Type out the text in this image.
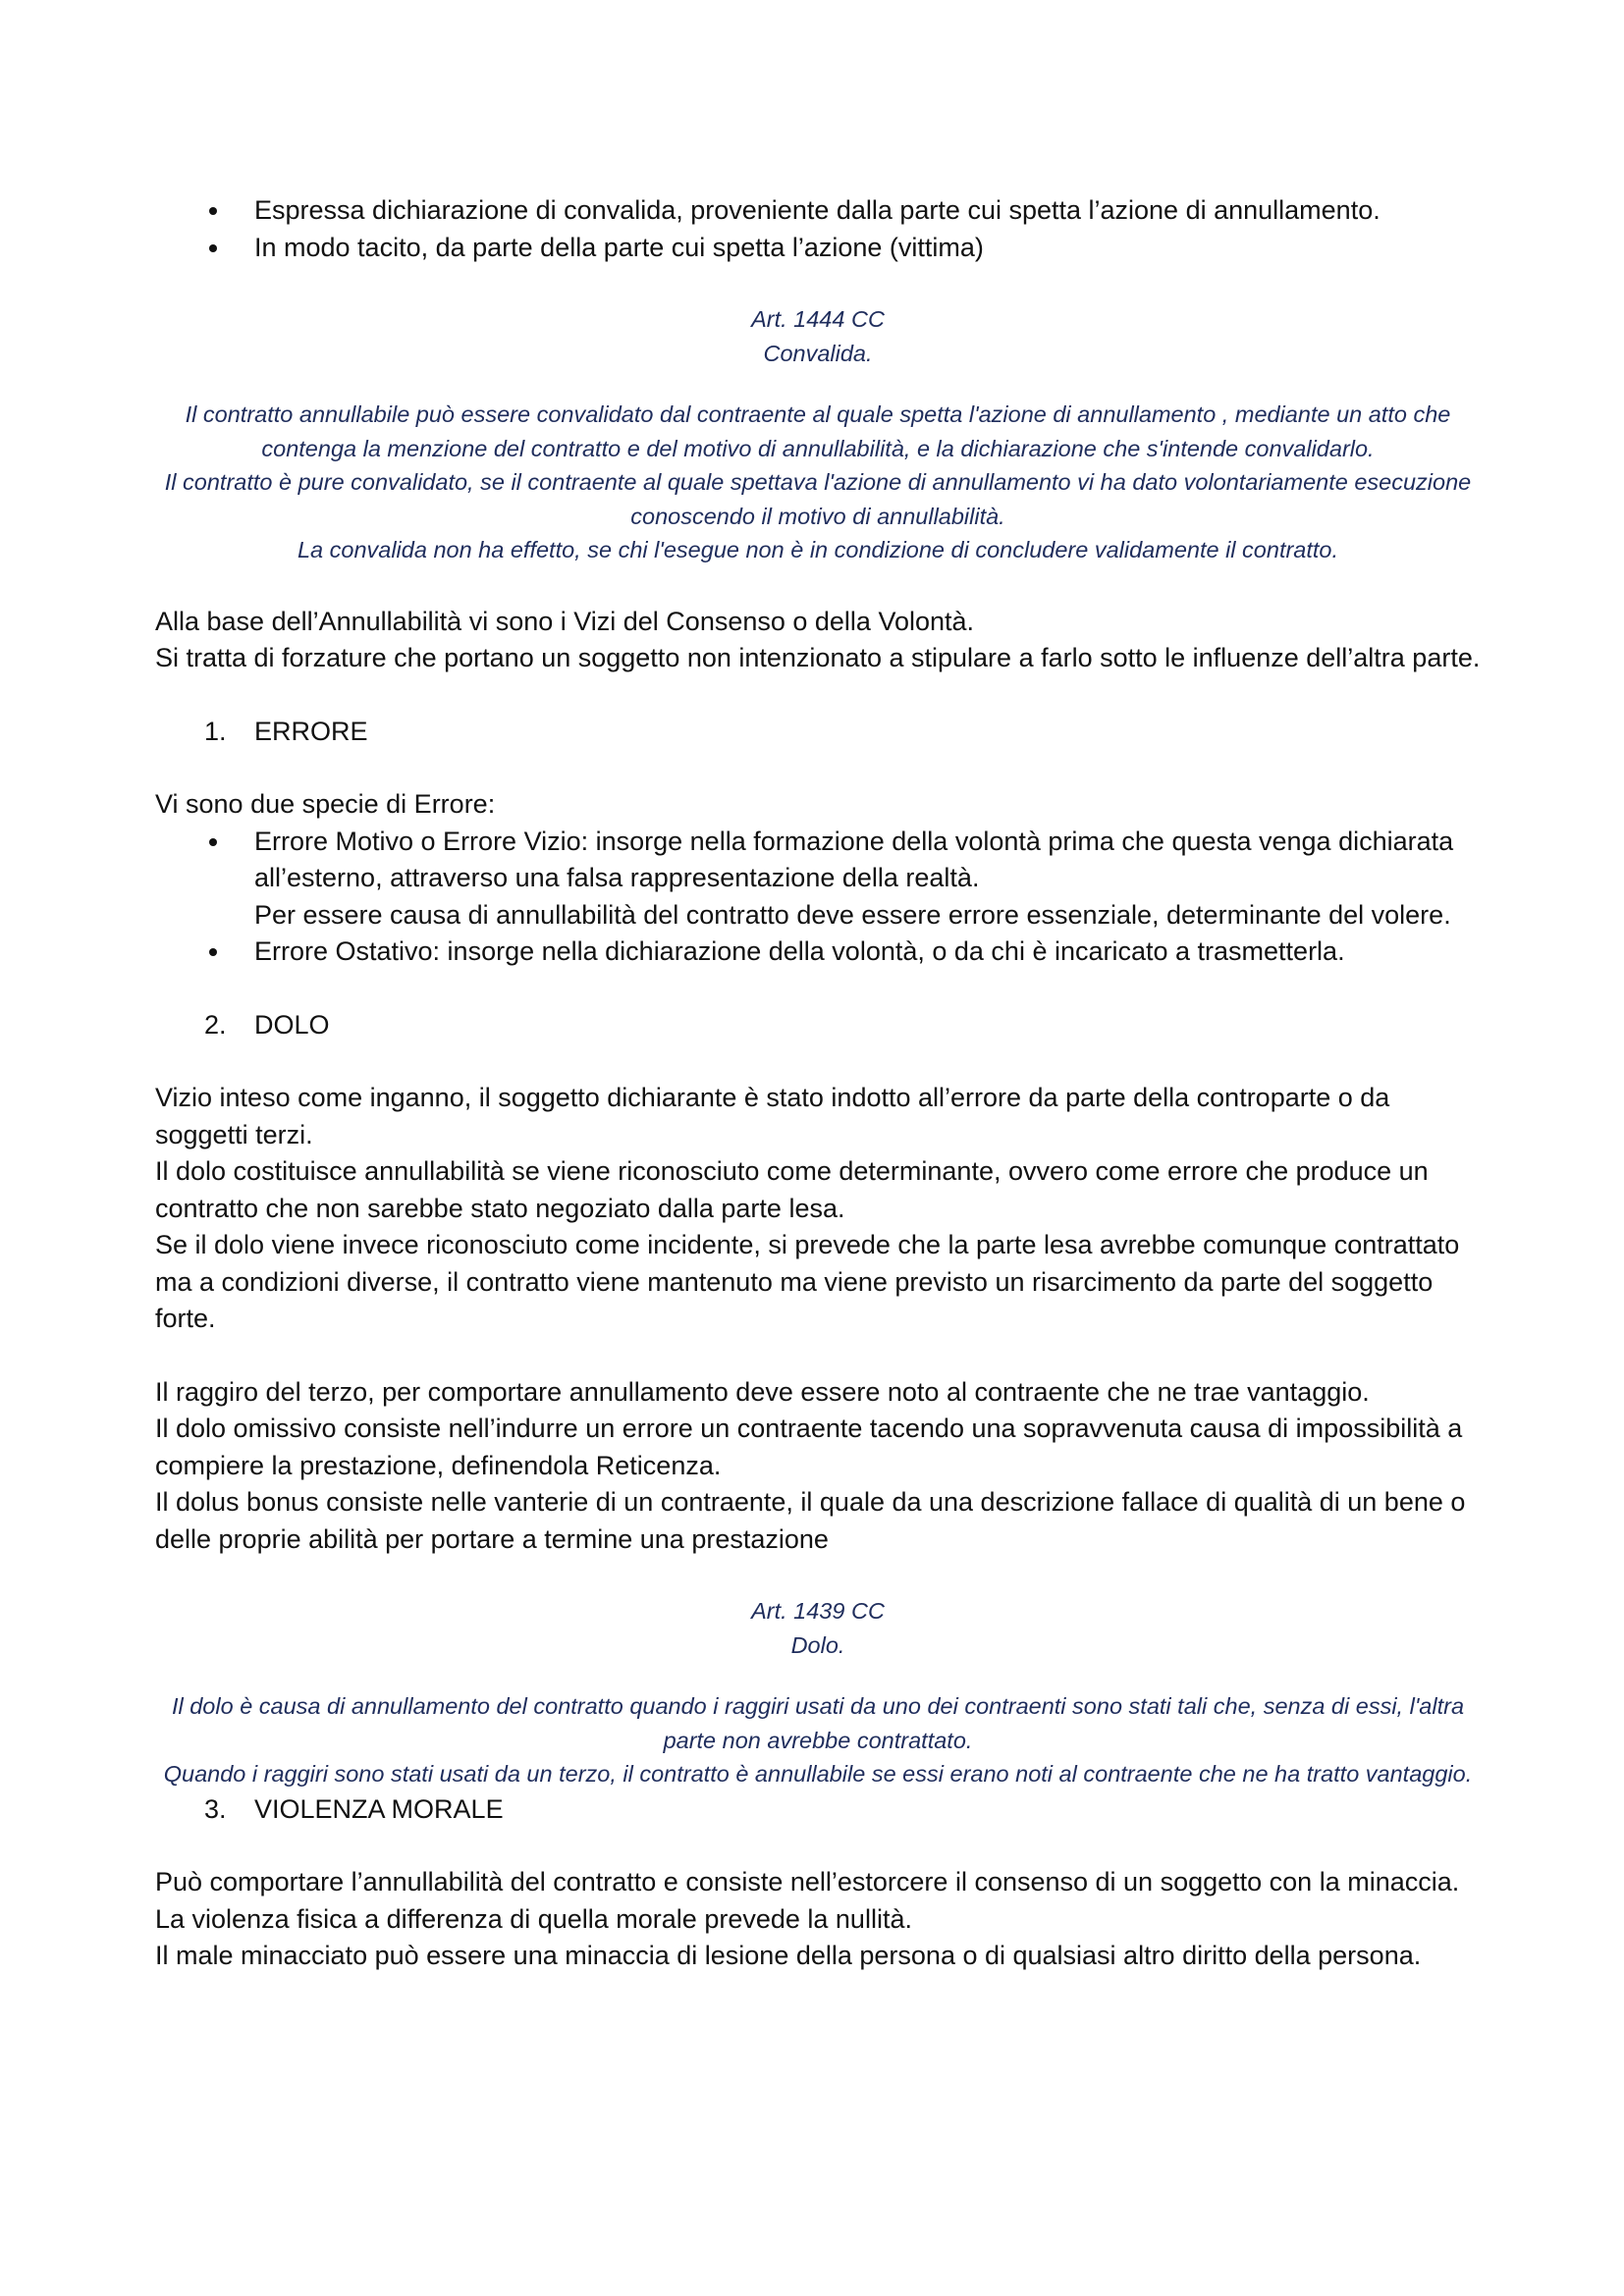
Espressa dichiarazione di convalida, proveniente dalla parte cui spetta l’azione di annullamento.
In modo tacito, da parte della parte cui spetta l’azione (vittima)

Art. 1444 CC

Convalida.

Il contratto annullabile può essere convalidato dal contraente al quale spetta l'azione di annullamento , mediante un atto che contenga la menzione del contratto e del motivo di annullabilità, e la dichiarazione che s'intende convalidarlo.

Il contratto è pure convalidato, se il contraente al quale spettava l'azione di annullamento vi ha dato volontariamente esecuzione conoscendo il motivo di annullabilità.

La convalida non ha effetto, se chi l'esegue non è in condizione di concludere validamente il contratto.

Alla base dell’Annullabilità vi sono i Vizi del Consenso o della Volontà.

Si tratta di forzature che portano un soggetto non intenzionato a stipulare a farlo sotto le influenze dell’altra parte.

1. ERRORE

Vi sono due specie di Errore:

Errore Motivo o Errore Vizio: insorge nella formazione della volontà prima che questa venga dichiarata all’esterno, attraverso una falsa rappresentazione della realtà.
Per essere causa di annullabilità del contratto deve essere errore essenziale, determinante del volere.
Errore Ostativo: insorge nella dichiarazione della volontà, o da chi è incaricato a trasmetterla.
2. DOLO

Vizio inteso come inganno, il soggetto dichiarante è stato indotto all’errore da parte della controparte o da soggetti terzi.

Il dolo costituisce annullabilità se viene riconosciuto come determinante, ovvero come errore che produce un contratto che non sarebbe stato negoziato dalla parte lesa.

Se il dolo viene invece riconosciuto come incidente, si prevede che la parte lesa avrebbe comunque contrattato ma a condizioni diverse, il contratto viene mantenuto ma viene previsto un risarcimento da parte del soggetto forte.

Il raggiro del terzo, per comportare annullamento deve essere noto al contraente che ne trae vantaggio.

Il dolo omissivo consiste nell’indurre un errore un contraente tacendo una sopravvenuta causa di impossibilità a compiere la prestazione, definendola Reticenza.

Il dolus bonus consiste nelle vanterie di un contraente, il quale da una descrizione fallace di qualità di un bene o delle proprie abilità per portare a termine una prestazione

Art. 1439 CC

Dolo.

Il dolo è causa di annullamento del contratto quando i raggiri usati da uno dei contraenti sono stati tali che, senza di essi, l'altra parte non avrebbe contrattato.

Quando i raggiri sono stati usati da un terzo, il contratto è annullabile se essi erano noti al contraente che ne ha tratto vantaggio.

3. VIOLENZA MORALE

Può comportare l’annullabilità del contratto e consiste nell’estorcere il consenso di un soggetto con la minaccia.

La violenza fisica a differenza di quella morale prevede la nullità.

Il male minacciato può essere una minaccia di lesione della persona o di qualsiasi altro diritto della persona.
